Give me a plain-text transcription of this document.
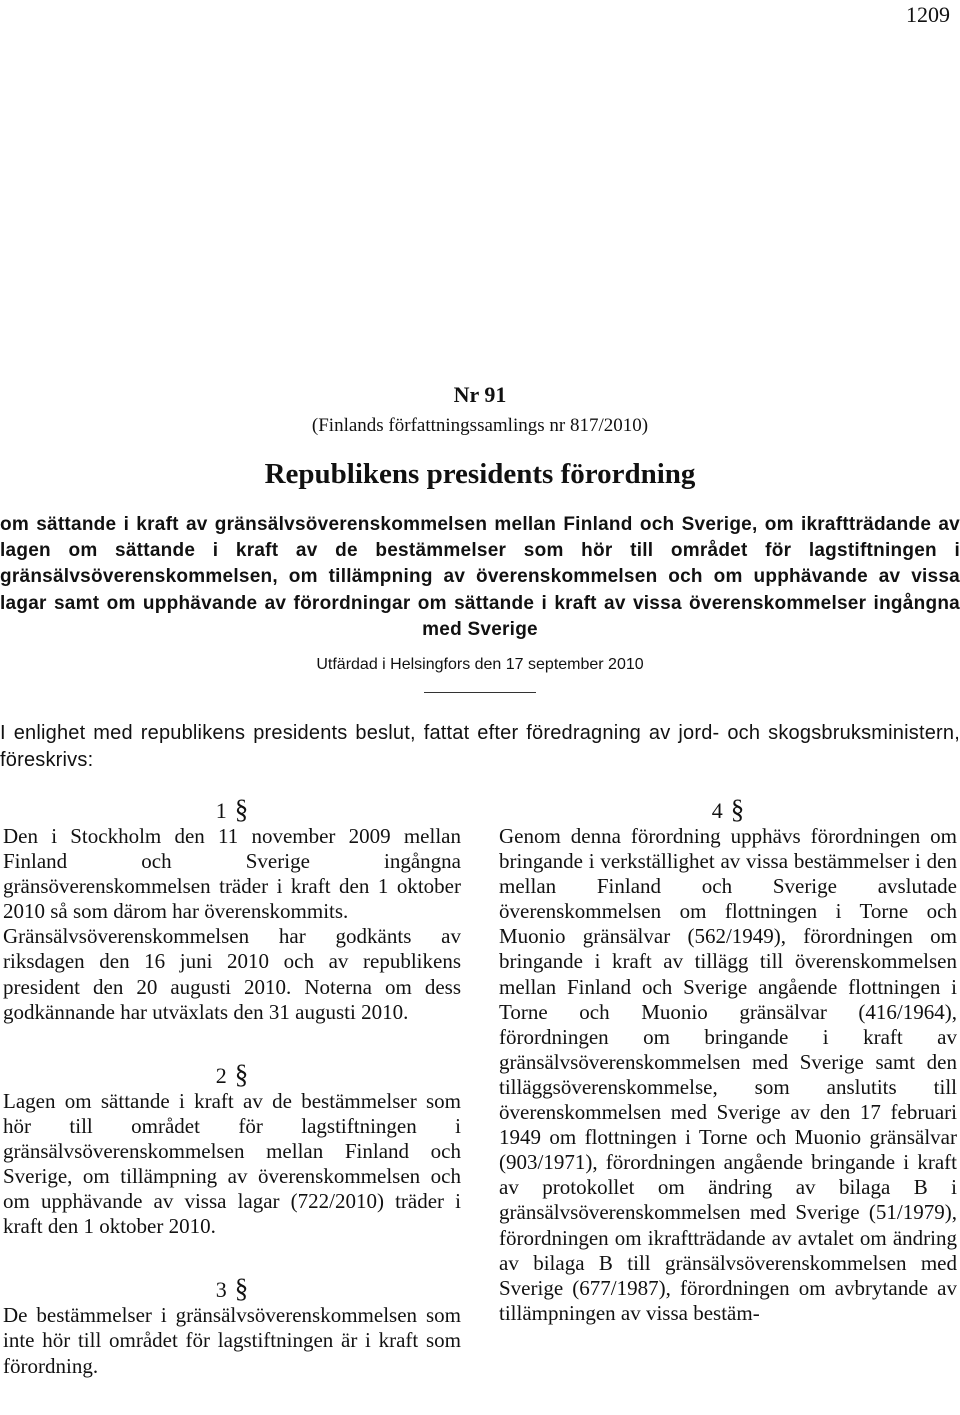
1209
Nr 91
(Finlands författningssamlings nr 817/2010)
Republikens presidents förordning
om sättande i kraft av gränsälvsöverenskommelsen mellan Finland och Sverige, om ikraftträdande av lagen om sättande i kraft av de bestämmelser som hör till området för lagstiftningen i gränsälvsöverenskommelsen, om tillämpning av överenskommelsen och om upphävande av vissa lagar samt om upphävande av förordningar om sättande i kraft av vissa överenskommelser ingångna med Sverige
Utfärdad i Helsingfors den 17 september 2010
I enlighet med republikens presidents beslut, fattat efter föredragning av jord- och skogsbruksministern, föreskrivs:
1 §

Den i Stockholm den 11 november 2009 mellan Finland och Sverige ingångna gränsöverenskommelsen träder i kraft den 1 oktober 2010 så som därom har överenskommits.

Gränsälvsöverenskommelsen har godkänts av riksdagen den 16 juni 2010 och av republikens president den 20 augusti 2010. Noterna om dess godkännande har utväxlats den 31 augusti 2010.

2 §

Lagen om sättande i kraft av de bestämmelser som hör till området för lagstiftningen i gränsälvsöverenskommelsen mellan Finland och Sverige, om tillämpning av överenskommelsen och om upphävande av vissa lagar (722/2010) träder i kraft den 1 oktober 2010.

3 §

De bestämmelser i gränsälvsöverenskommelsen som inte hör till området för lagstiftningen är i kraft som förordning.

4 §

Genom denna förordning upphävs förordningen om bringande i verkställighet av vissa bestämmelser i den mellan Finland och Sverige avslutade överenskommelsen om flottningen i Torne och Muonio gränsälvar (562/1949), förordningen om bringande i kraft av tillägg till överenskommelsen mellan Finland och Sverige angående flottningen i Torne och Muonio gränsälvar (416/1964), förordningen om bringande i kraft av gränsälvsöverenskommelsen med Sverige samt den tilläggsöverenskommelse, som anslutits till överenskommelsen med Sverige av den 17 februari 1949 om flottningen i Torne och Muonio gränsälvar (903/1971), förordningen angående bringande i kraft av protokollet om ändring av bilaga B i gränsälvsöverenskommelsen med Sverige (51/1979), förordningen om ikraftträdande av avtalet om ändring av bilaga B till gränsälvsöverenskommelsen med Sverige (677/1987), förordningen om avbrytande av tillämpningen av vissa bestäm-
